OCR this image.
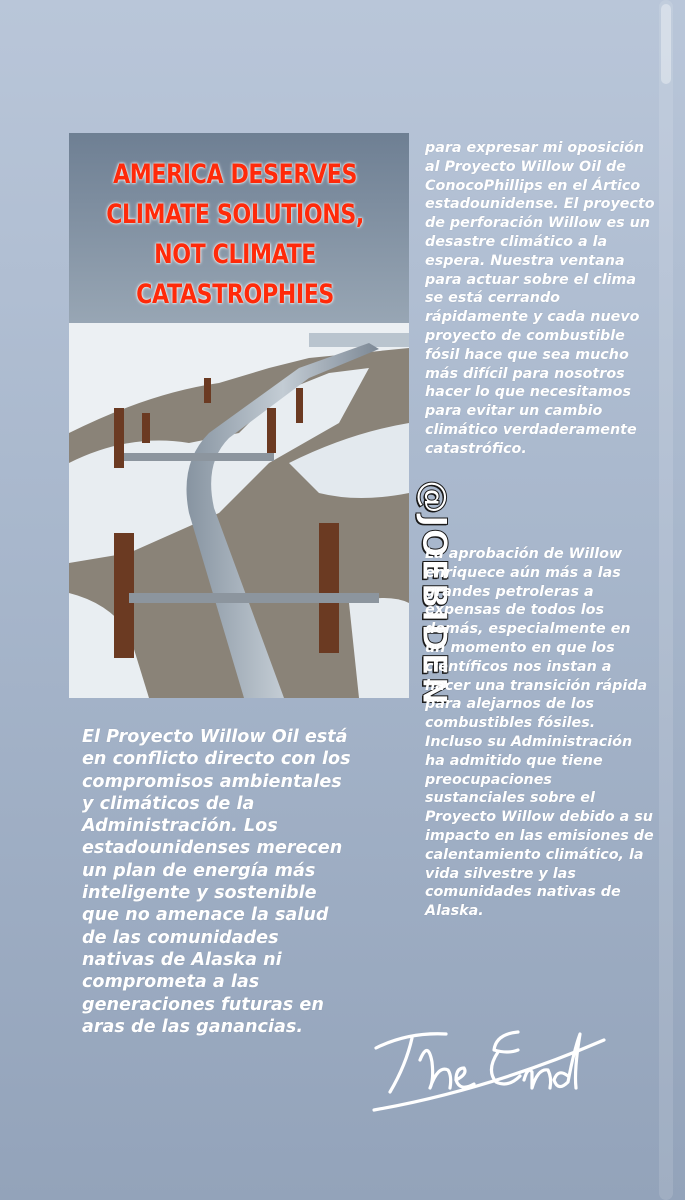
AMERICA DESERVES
CLIMATE SOLUTIONS,
NOT CLIMATE
CATASTROPHIES
@JOEBIDEN
para expresar mi oposición al Proyecto Willow Oil de ConocoPhillips en el Ártico estadounidense. El proyecto de perforación Willow es un desastre climático a la espera. Nuestra ventana para actuar sobre el clima se está cerrando rápidamente y cada nuevo proyecto de combustible fósil hace que sea mucho más difícil para nosotros hacer lo que necesitamos para evitar un cambio climático verdaderamente catastrófico.
La aprobación de Willow enriquece aún más a las grandes petroleras a expensas de todos los demás, especialmente en un momento en que los científicos nos instan a hacer una transición rápida para alejarnos de los combustibles fósiles. Incluso su Administración ha admitido que tiene preocupaciones sustanciales sobre el Proyecto Willow debido a su impacto en las emisiones de calentamiento climático, la vida silvestre y las comunidades nativas de Alaska.
El Proyecto Willow Oil está en conflicto directo con los compromisos ambientales y climáticos de la Administración. Los estadounidenses merecen un plan de energía más inteligente y sostenible que no amenace la salud de las comunidades nativas de Alaska ni comprometa a las generaciones futuras en aras de las ganancias.
